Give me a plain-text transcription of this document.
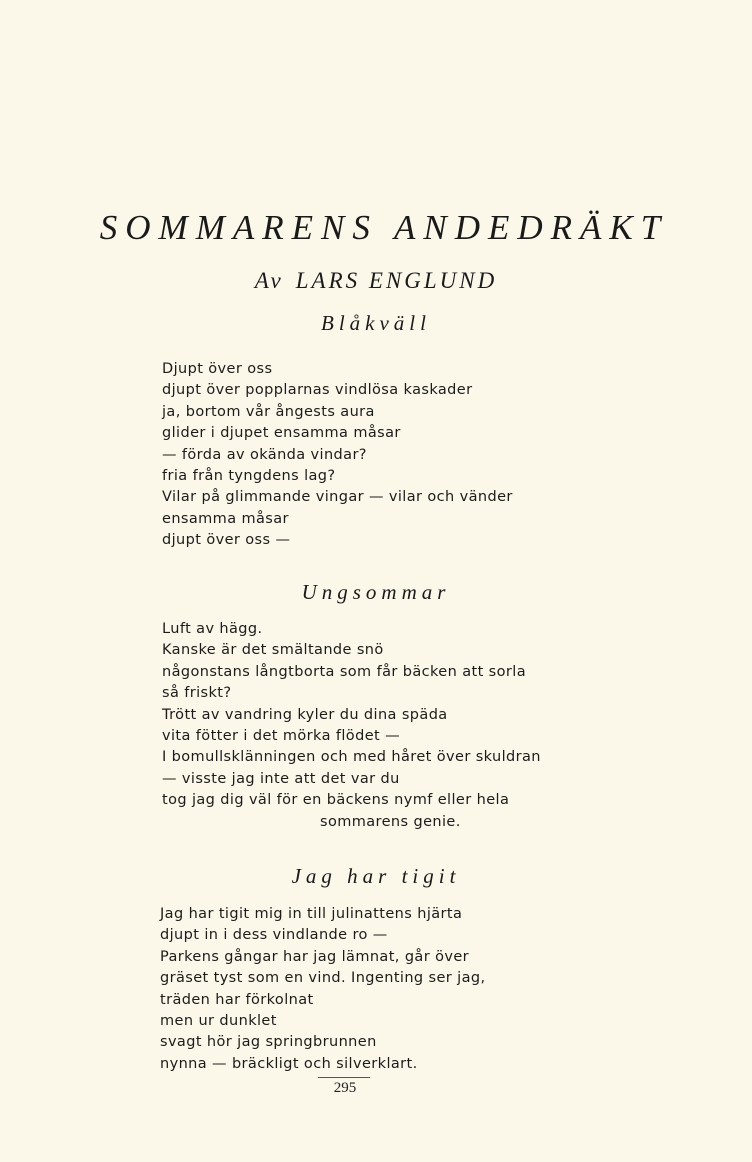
SOMMARENS ANDEDRÄKT
Av LARS ENGLUND
Blåkväll
Djupt över oss
djupt över popplarnas vindlösa kaskader
ja, bortom vår ångests aura
glider i djupet ensamma måsar
— förda av okända vindar?
fria från tyngdens lag?
Vilar på glimmande vingar — vilar och vänder
ensamma måsar
djupt över oss —
Ungsommar
Luft av hägg.
Kanske är det smältande snö
någonstans långtborta som får bäcken att sorla
så friskt?
Trött av vandring kyler du dina späda
vita fötter i det mörka flödet —
I bomullsklänningen och med håret över skuldran
— visste jag inte att det var du
tog jag dig väl för en bäckens nymf eller hela
sommarens genie.
Jag har tigit
Jag har tigit mig in till julinattens hjärta
djupt in i dess vindlande ro —
Parkens gångar har jag lämnat, går över
gräset tyst som en vind. Ingenting ser jag,
träden har förkolnat
men ur dunklet
svagt hör jag springbrunnen
nynna — bräckligt och silverklart.
295
